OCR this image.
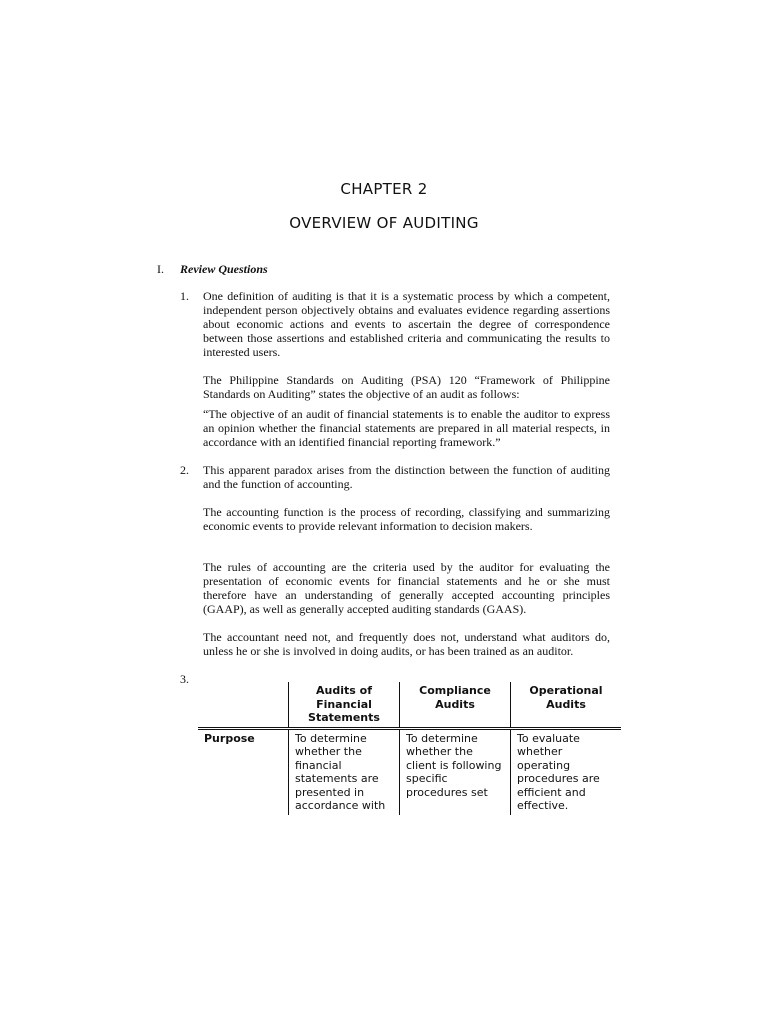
CHAPTER 2
OVERVIEW OF AUDITING
I. Review Questions
1. One definition of auditing is that it is a systematic process by which a competent, independent person objectively obtains and evaluates evidence regarding assertions about economic actions and events to ascertain the degree of correspondence between those assertions and established criteria and communicating the results to interested users.
The Philippine Standards on Auditing (PSA) 120 “Framework of Philippine Standards on Auditing” states the objective of an audit as follows:
“The objective of an audit of financial statements is to enable the auditor to express an opinion whether the financial statements are prepared in all material respects, in accordance with an identified financial reporting framework.”
2. This apparent paradox arises from the distinction between the function of auditing and the function of accounting.
The accounting function is the process of recording, classifying and summarizing economic events to provide relevant information to decision makers.
The rules of accounting are the criteria used by the auditor for evaluating the presentation of economic events for financial statements and he or she must therefore have an understanding of generally accepted accounting principles (GAAP), as well as generally accepted auditing standards (GAAS).
The accountant need not, and frequently does not, understand what auditors do, unless he or she is involved in doing audits, or has been trained as an auditor.
3.
	Audits of Financial Statements	Compliance Audits	Operational Audits
Purpose	To determine whether the financial statements are presented in accordance with	To determine whether the client is following specific procedures set	To evaluate whether operating procedures are efficient and effective.
